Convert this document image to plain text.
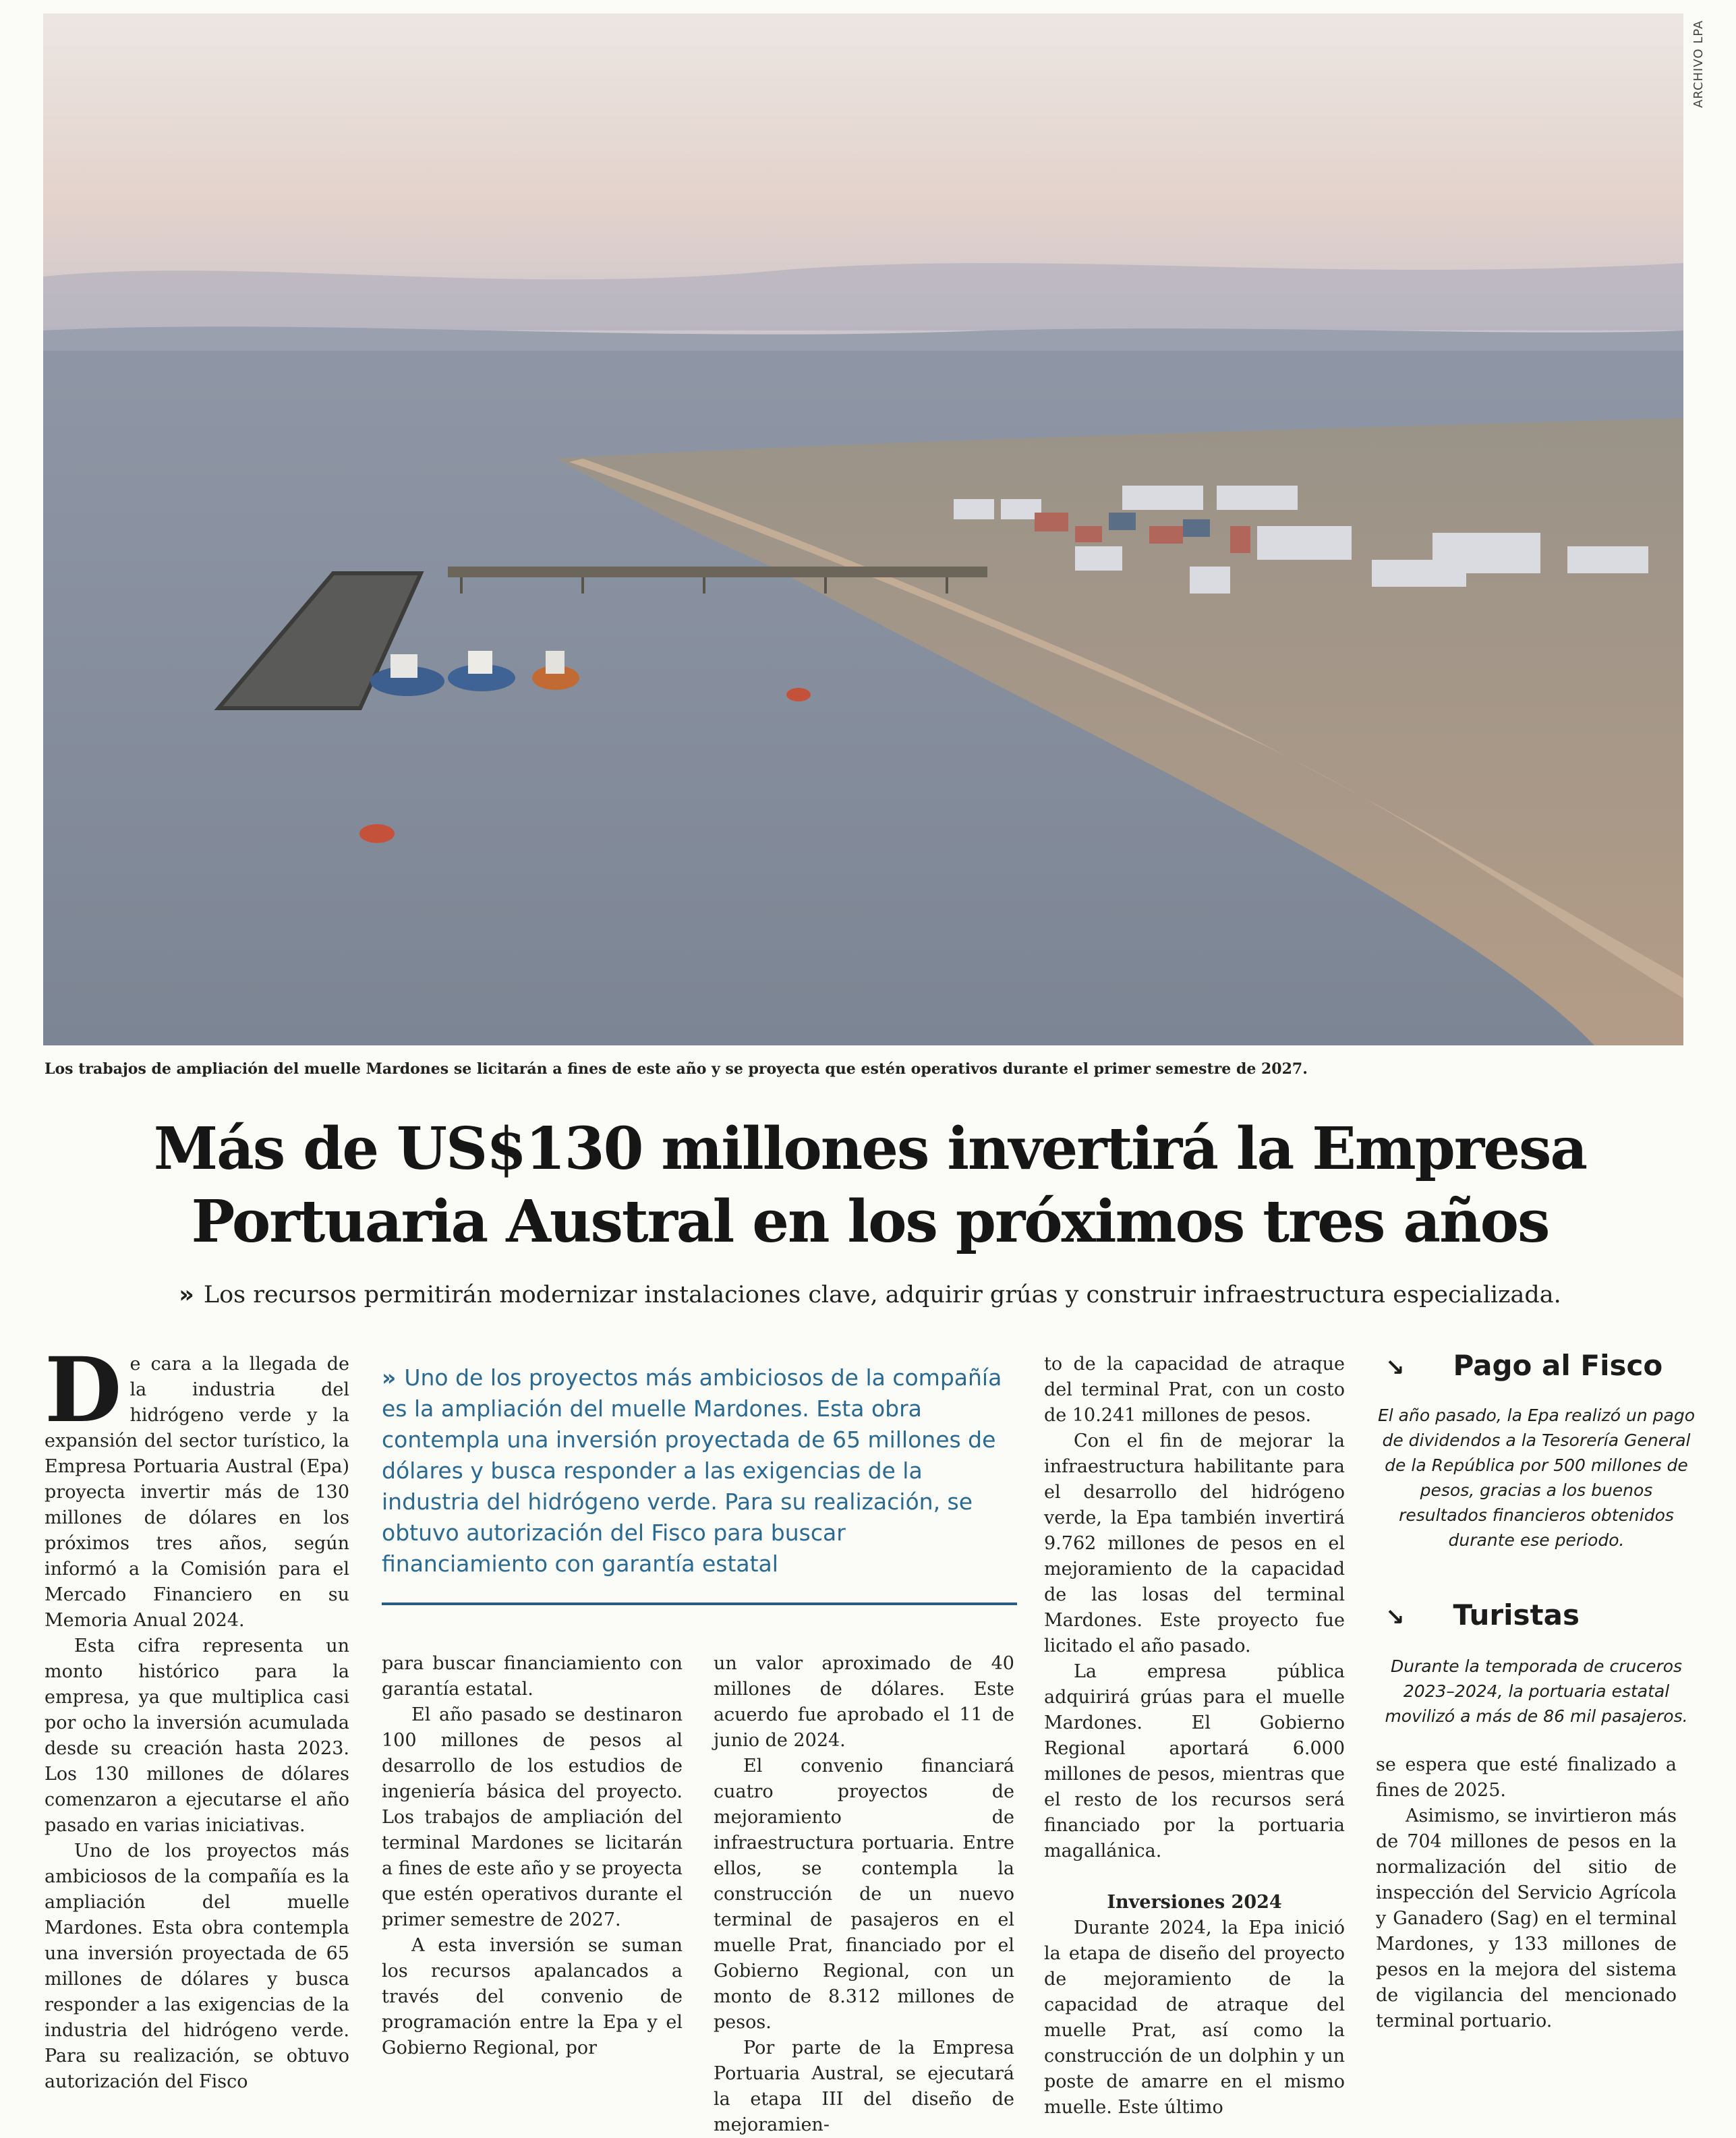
ARCHIVO LPA
Los trabajos de ampliación del muelle Mardones se licitarán a fines de este año y se proyecta que estén operativos durante el primer semestre de 2027.
Más de US$130 millones invertirá la Empresa
Portuaria Austral en los próximos tres años
» Los recursos permitirán modernizar instalaciones clave, adquirir grúas y construir infraestructura especializada.

De cara a la llegada de la industria del hidrógeno verde y la expansión del sector turístico, la Empresa Portuaria Austral (Epa) proyecta invertir más de 130 millones de dólares en los próximos tres años, según informó a la Comisión para el Mercado Financiero en su Memoria Anual 2024.

Esta cifra representa un monto histórico para la empresa, ya que multiplica casi por ocho la inversión acumulada desde su creación hasta 2023. Los 130 millones de dólares comenzaron a ejecutarse el año pasado en varias iniciativas.

Uno de los proyectos más ambiciosos de la compañía es la ampliación del muelle Mardones. Esta obra contempla una inversión proyectada de 65 millones de dólares y busca responder a las exigencias de la industria del hidrógeno verde. Para su realización, se obtuvo autorización del Fisco

» Uno de los proyectos más ambiciosos de la compañía es la ampliación del muelle Mardones. Esta obra contempla una inversión proyectada de 65 millones de dólares y busca responder a las exigencias de la industria del hidrógeno verde. Para su realización, se obtuvo autorización del Fisco para buscar financiamiento con garantía estatal

para buscar financiamiento con garantía estatal.

El año pasado se destinaron 100 millones de pesos al desarrollo de los estudios de ingeniería básica del proyecto. Los trabajos de ampliación del terminal Mardones se licitarán a fines de este año y se proyecta que estén operativos durante el primer semestre de 2027.

A esta inversión se suman los recursos apalancados a través del convenio de programación entre la Epa y el Gobierno Regional, por

un valor aproximado de 40 millones de dólares. Este acuerdo fue aprobado el 11 de junio de 2024.

El convenio financiará cuatro proyectos de mejoramiento de infraestructura portuaria. Entre ellos, se contempla la construcción de un nuevo terminal de pasajeros en el muelle Prat, financiado por el Gobierno Regional, con un monto de 8.312 millones de pesos.

Por parte de la Empresa Portuaria Austral, se ejecutará la etapa III del diseño de mejoramien-

to de la capacidad de atraque del terminal Prat, con un costo de 10.241 millones de pesos.

Con el fin de mejorar la infraestructura habilitante para el desarrollo del hidrógeno verde, la Epa también invertirá 9.762 millones de pesos en el mejoramiento de la capacidad de las losas del terminal Mardones. Este proyecto fue licitado el año pasado.

La empresa pública adquirirá grúas para el muelle Mardones. El Gobierno Regional aportará 6.000 millones de pesos, mientras que el resto de los recursos será financiado por la portuaria magallánica.

Inversiones 2024

Durante 2024, la Epa inició la etapa de diseño del proyecto de mejoramiento de la capacidad de atraque del muelle Prat, así como la construcción de un dolphin y un poste de amarre en el mismo muelle. Este último

↘ Pago al Fisco
El año pasado, la Epa realizó un pago de dividendos a la Tesorería General de la República por 500 millones de pesos, gracias a los buenos resultados financieros obtenidos durante ese periodo.
↘ Turistas
Durante la temporada de cruceros 2023–2024, la portuaria estatal movilizó a más de 86 mil pasajeros.

se espera que esté finalizado a fines de 2025.

Asimismo, se invirtieron más de 704 millones de pesos en la normalización del sitio de inspección del Servicio Agrícola y Ganadero (Sag) en el terminal Mardones, y 133 millones de pesos en la mejora del sistema de vigilancia del mencionado terminal portuario.
